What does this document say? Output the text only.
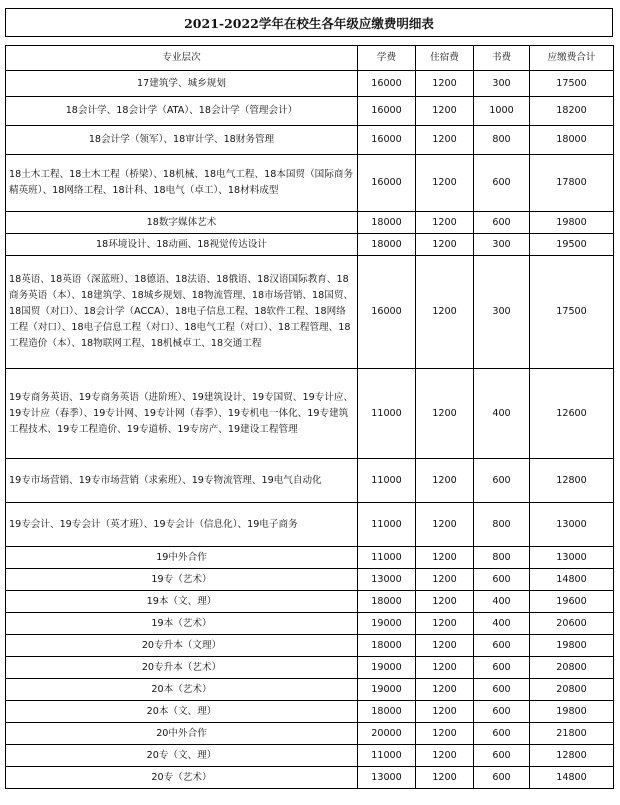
2021-2022学年在校生各年级应缴费明细表
专业层次	学费	住宿费	书费	应缴费合计
17建筑学、城乡规划	16000	1200	300	17500
18会计学、18会计学（ATA）、18会计学（管理会计）	16000	1200	1000	18200
18会计学（领军）、18审计学、18财务管理	16000	1200	800	18000
18土木工程、18土木工程（桥梁）、18机械、18电气工程、18本国贸（国际商务精英班）、18网络工程、18计科、18电气（卓工）、18材料成型	16000	1200	600	17800
18数字媒体艺术	18000	1200	600	19800
18环境设计、18动画、18视觉传达设计	18000	1200	300	19500
18英语、18英语（深蓝班）、18德语、18法语、18俄语、18汉语国际教育、18商务英语（本）、18建筑学、18城乡规划、18物流管理、18市场营销、18国贸、18国贸（对口）、18会计学（ACCA）、18电子信息工程、18软件工程、18网络工程（对口）、18电子信息工程（对口）、18电气工程（对口）、18工程管理、18工程造价（本）、18物联网工程、18机械卓工、18交通工程	16000	1200	300	17500
19专商务英语、19专商务英语（进阶班）、19建筑设计、19专国贸、19专计应、19专计应（春季）、19专计网、19专计网（春季）、19专机电一体化、19专建筑工程技术、19专工程造价、19专道桥、19专房产、19建设工程管理	11000	1200	400	12600
19专市场营销、19专市场营销（求索班）、19专物流管理、19电气自动化	11000	1200	600	12800
19专会计、19专会计（英才班）、19专会计（信息化）、19电子商务	11000	1200	800	13000
19中外合作	11000	1200	800	13000
19专（艺术）	13000	1200	600	14800
19本（文、理）	18000	1200	400	19600
19本（艺术）	19000	1200	400	20600
20专升本（文理）	18000	1200	600	19800
20专升本（艺术）	19000	1200	600	20800
20本（艺术）	19000	1200	600	20800
20本（文、理）	18000	1200	600	19800
20中外合作	20000	1200	600	21800
20专（文、理）	11000	1200	600	12800
20专（艺术）	13000	1200	600	14800
